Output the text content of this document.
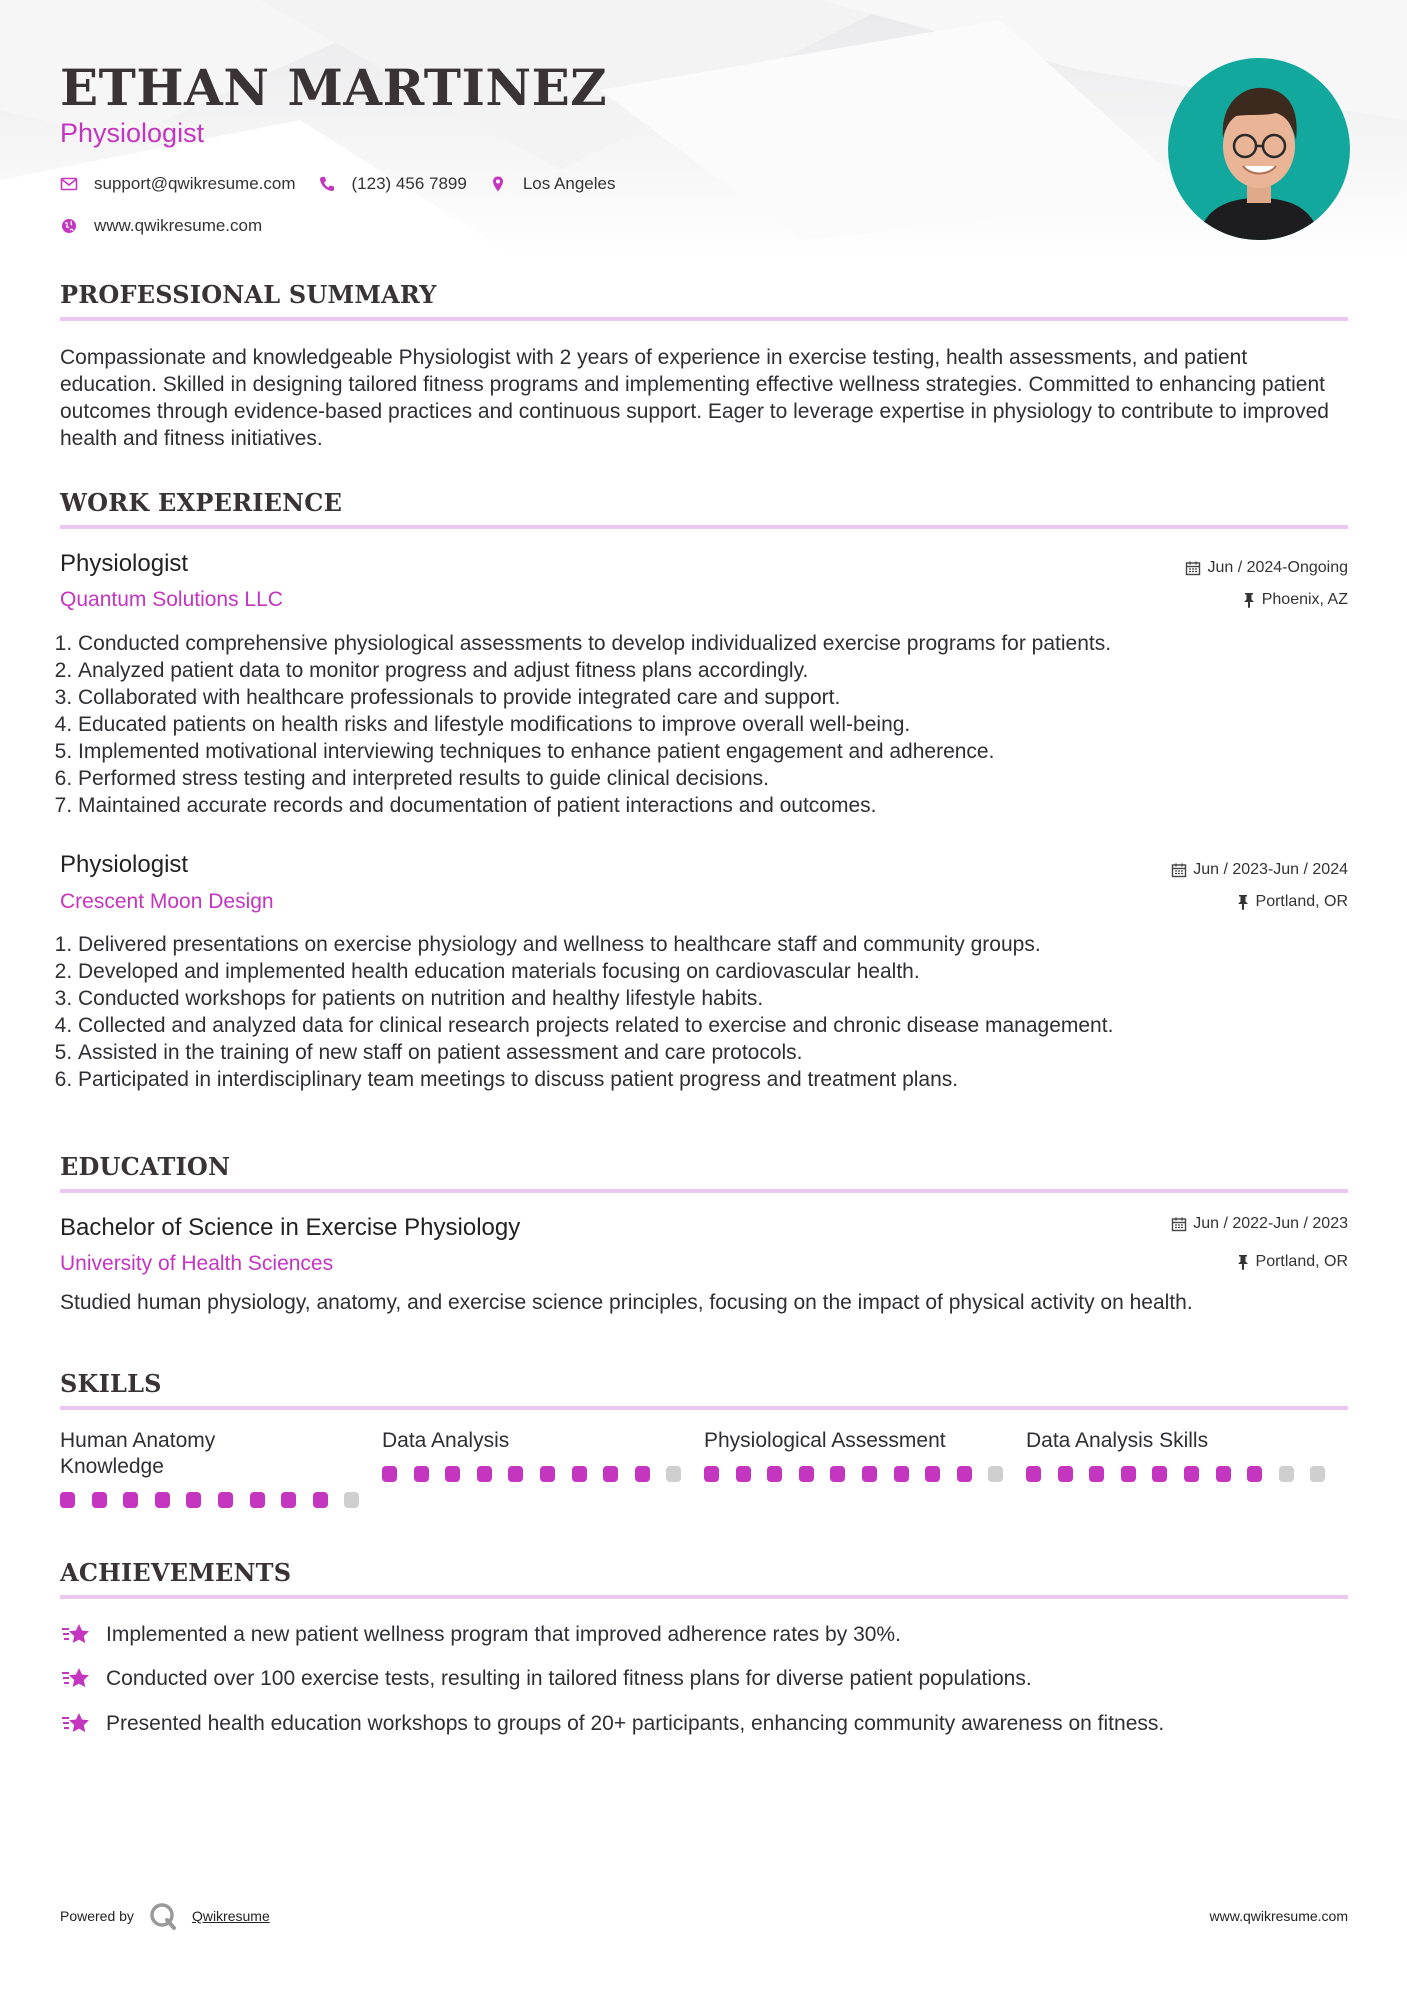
ETHAN MARTINEZ
Physiologist
support@qwikresume.com	(123) 456 7899	Los Angeles
www.qwikresume.com
PROFESSIONAL SUMMARY

Compassionate and knowledgeable Physiologist with 2 years of experience in exercise testing, health assessments, and patient education. Skilled in designing tailored fitness programs and implementing effective wellness strategies. Committed to enhancing patient outcomes through evidence-based practices and continuous support. Eager to leverage expertise in physiology to contribute to improved health and fitness initiatives.

WORK EXPERIENCE
Physiologist	Jun / 2024-Ongoing
Quantum Solutions LLC	Phoenix, AZ
1. Conducted comprehensive physiological assessments to develop individualized exercise programs for patients.
2. Analyzed patient data to monitor progress and adjust fitness plans accordingly.
3. Collaborated with healthcare professionals to provide integrated care and support.
4. Educated patients on health risks and lifestyle modifications to improve overall well-being.
5. Implemented motivational interviewing techniques to enhance patient engagement and adherence.
6. Performed stress testing and interpreted results to guide clinical decisions.
7. Maintained accurate records and documentation of patient interactions and outcomes.
Physiologist	Jun / 2023-Jun / 2024
Crescent Moon Design	Portland, OR
1. Delivered presentations on exercise physiology and wellness to healthcare staff and community groups.
2. Developed and implemented health education materials focusing on cardiovascular health.
3. Conducted workshops for patients on nutrition and healthy lifestyle habits.
4. Collected and analyzed data for clinical research projects related to exercise and chronic disease management.
5. Assisted in the training of new staff on patient assessment and care protocols.
6. Participated in interdisciplinary team meetings to discuss patient progress and treatment plans.
EDUCATION
Bachelor of Science in Exercise Physiology	Jun / 2022-Jun / 2023
University of Health Sciences	Portland, OR

Studied human physiology, anatomy, and exercise science principles, focusing on the impact of physical activity on health.

SKILLS
Human Anatomy Knowledge
Data Analysis	Physiological Assessment	Data Analysis Skills
ACHIEVEMENTS
Implemented a new patient wellness program that improved adherence rates by 30%.
Conducted over 100 exercise tests, resulting in tailored fitness plans for diverse patient populations.
Presented health education workshops to groups of 20+ participants, enhancing community awareness on fitness.
Powered by	Qwikresume	www.qwikresume.com
